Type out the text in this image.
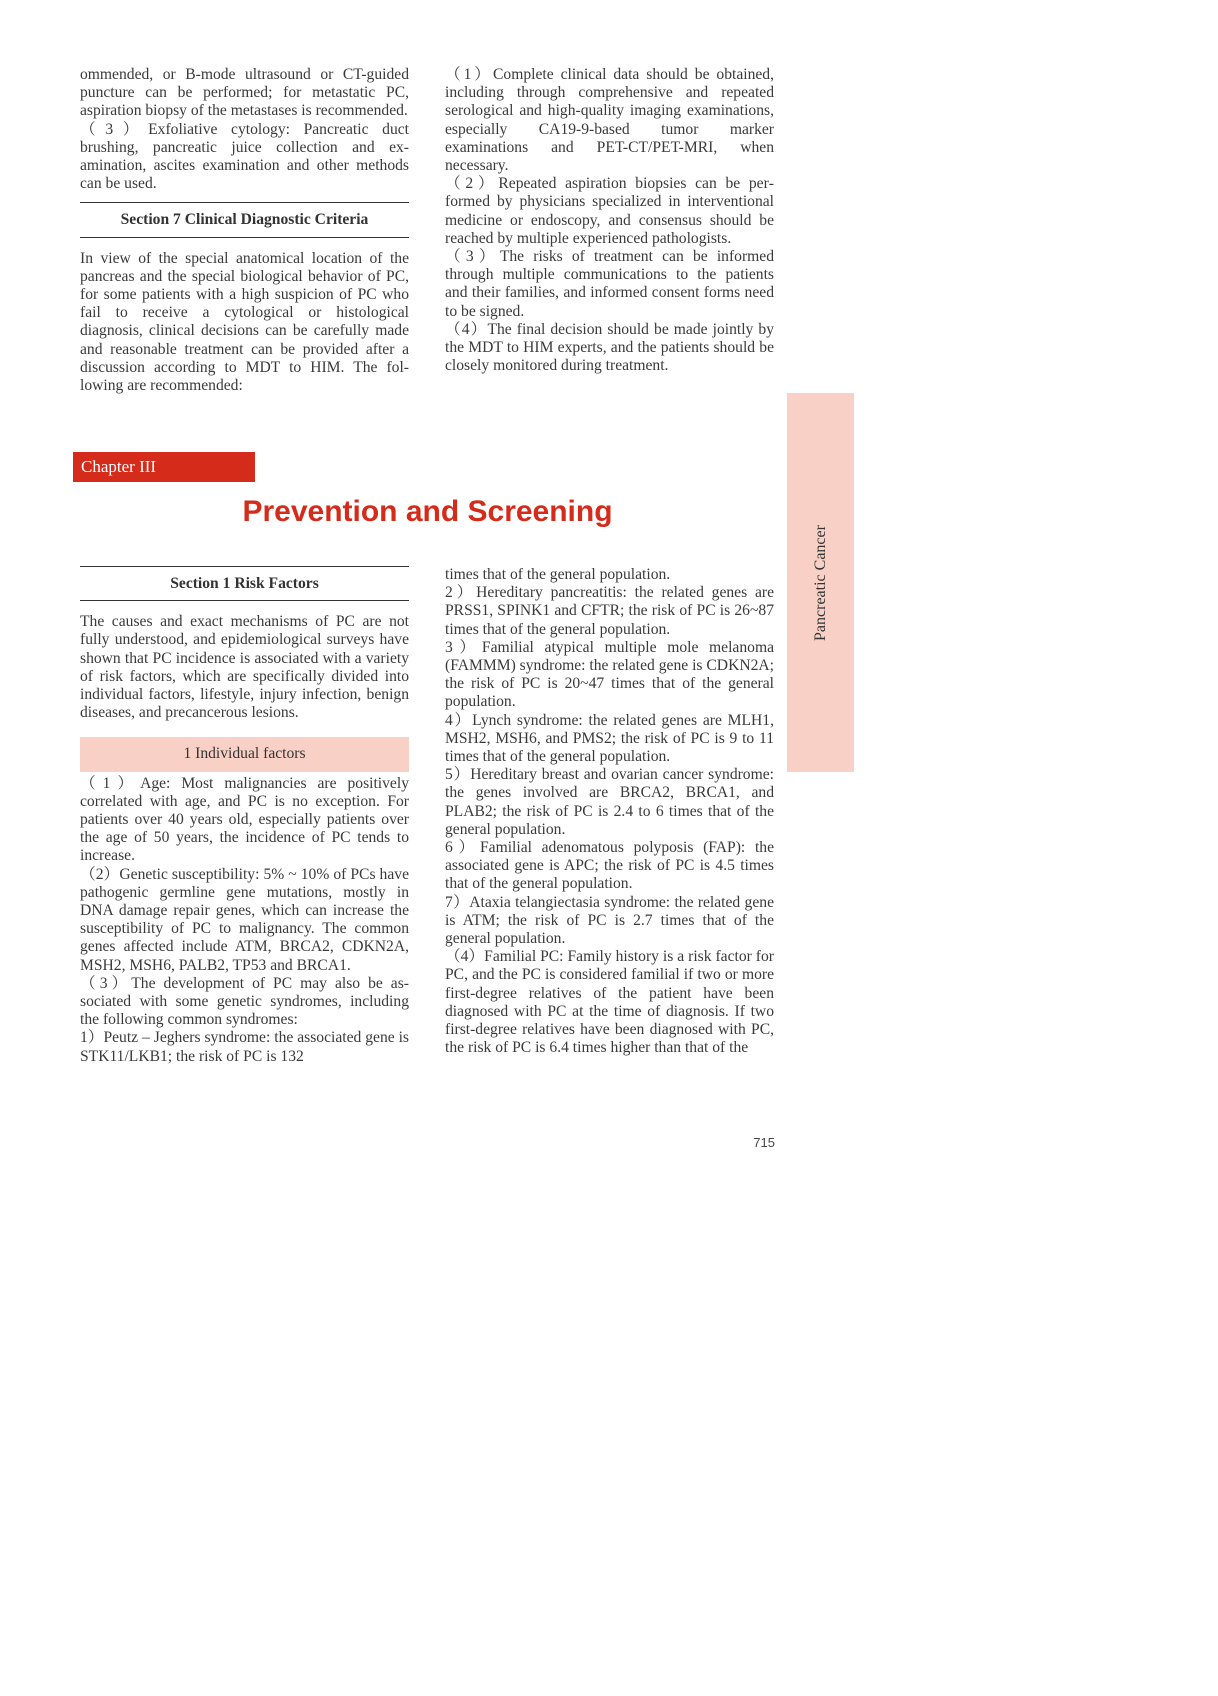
ommended, or B-mode ultrasound or CT-guided puncture can be performed; for metastatic PC, aspiration biopsy of the metastases is recommended.

（3）Exfoliative cytology: Pancreatic duct brushing, pancreatic juice collection and examination, ascites examination and other methods can be used.

Section 7 Clinical Diagnostic Criteria

In view of the special anatomical location of the pancreas and the special biological behavior of PC, for some patients with a high suspicion of PC who fail to receive a cytological or histological diagnosis, clinical decisions can be carefully made and reasonable treatment can be provided after a discussion according to MDT to HIM. The following are recommended:

（1）Complete clinical data should be obtained, including through comprehensive and repeated serological and high-quality imaging examinations, especially CA19-9-based tumor marker examinations and PET-CT/PET-MRI, when necessary.

（2）Repeated aspiration biopsies can be performed by physicians specialized in interventional medicine or endoscopy, and consensus should be reached by multiple experienced pathologists.

（3）The risks of treatment can be informed through multiple communications to the patients and their families, and informed consent forms need to be signed.

（4）The final decision should be made jointly by the MDT to HIM experts, and the patients should be closely monitored during treatment.

Chapter III
Prevention and Screening
Section 1 Risk Factors

The causes and exact mechanisms of PC are not fully understood, and epidemiological surveys have shown that PC incidence is associated with a variety of risk factors, which are specifically divided into individual factors, lifestyle, injury infection, benign diseases, and precancerous lesions.

1 Individual factors

（1）Age: Most malignancies are positively correlated with age, and PC is no exception. For patients over 40 years old, especially patients over the age of 50 years, the incidence of PC tends to increase.

（2）Genetic susceptibility: 5% ~ 10% of PCs have pathogenic germline gene mutations, mostly in DNA damage repair genes, which can increase the susceptibility of PC to malignancy. The common genes affected include ATM, BRCA2, CDKN2A, MSH2, MSH6, PALB2, TP53 and BRCA1.

（3）The development of PC may also be associated with some genetic syndromes, including the following common syndromes:

1）Peutz – Jeghers syndrome: the associated gene is STK11/LKB1; the risk of PC is 132

times that of the general population.

2）Hereditary pancreatitis: the related genes are PRSS1, SPINK1 and CFTR; the risk of PC is 26~87 times that of the general population.

3）Familial atypical multiple mole melanoma (FAMMM) syndrome: the related gene is CDKN2A; the risk of PC is 20~47 times that of the general population.

4）Lynch syndrome: the related genes are MLH1, MSH2, MSH6, and PMS2; the risk of PC is 9 to 11 times that of the general population.

5）Hereditary breast and ovarian cancer syndrome: the genes involved are BRCA2, BRCA1, and PLAB2; the risk of PC is 2.4 to 6 times that of the general population.

6）Familial adenomatous polyposis (FAP): the associated gene is APC; the risk of PC is 4.5 times that of the general population.

7）Ataxia telangiectasia syndrome: the related gene is ATM; the risk of PC is 2.7 times that of the general population.

（4）Familial PC: Family history is a risk factor for PC, and the PC is considered familial if two or more first-degree relatives of the patient have been diagnosed with PC at the time of diagnosis. If two first-degree relatives have been diagnosed with PC, the risk of PC is 6.4 times higher than that of the

Pancreatic Cancer
715
